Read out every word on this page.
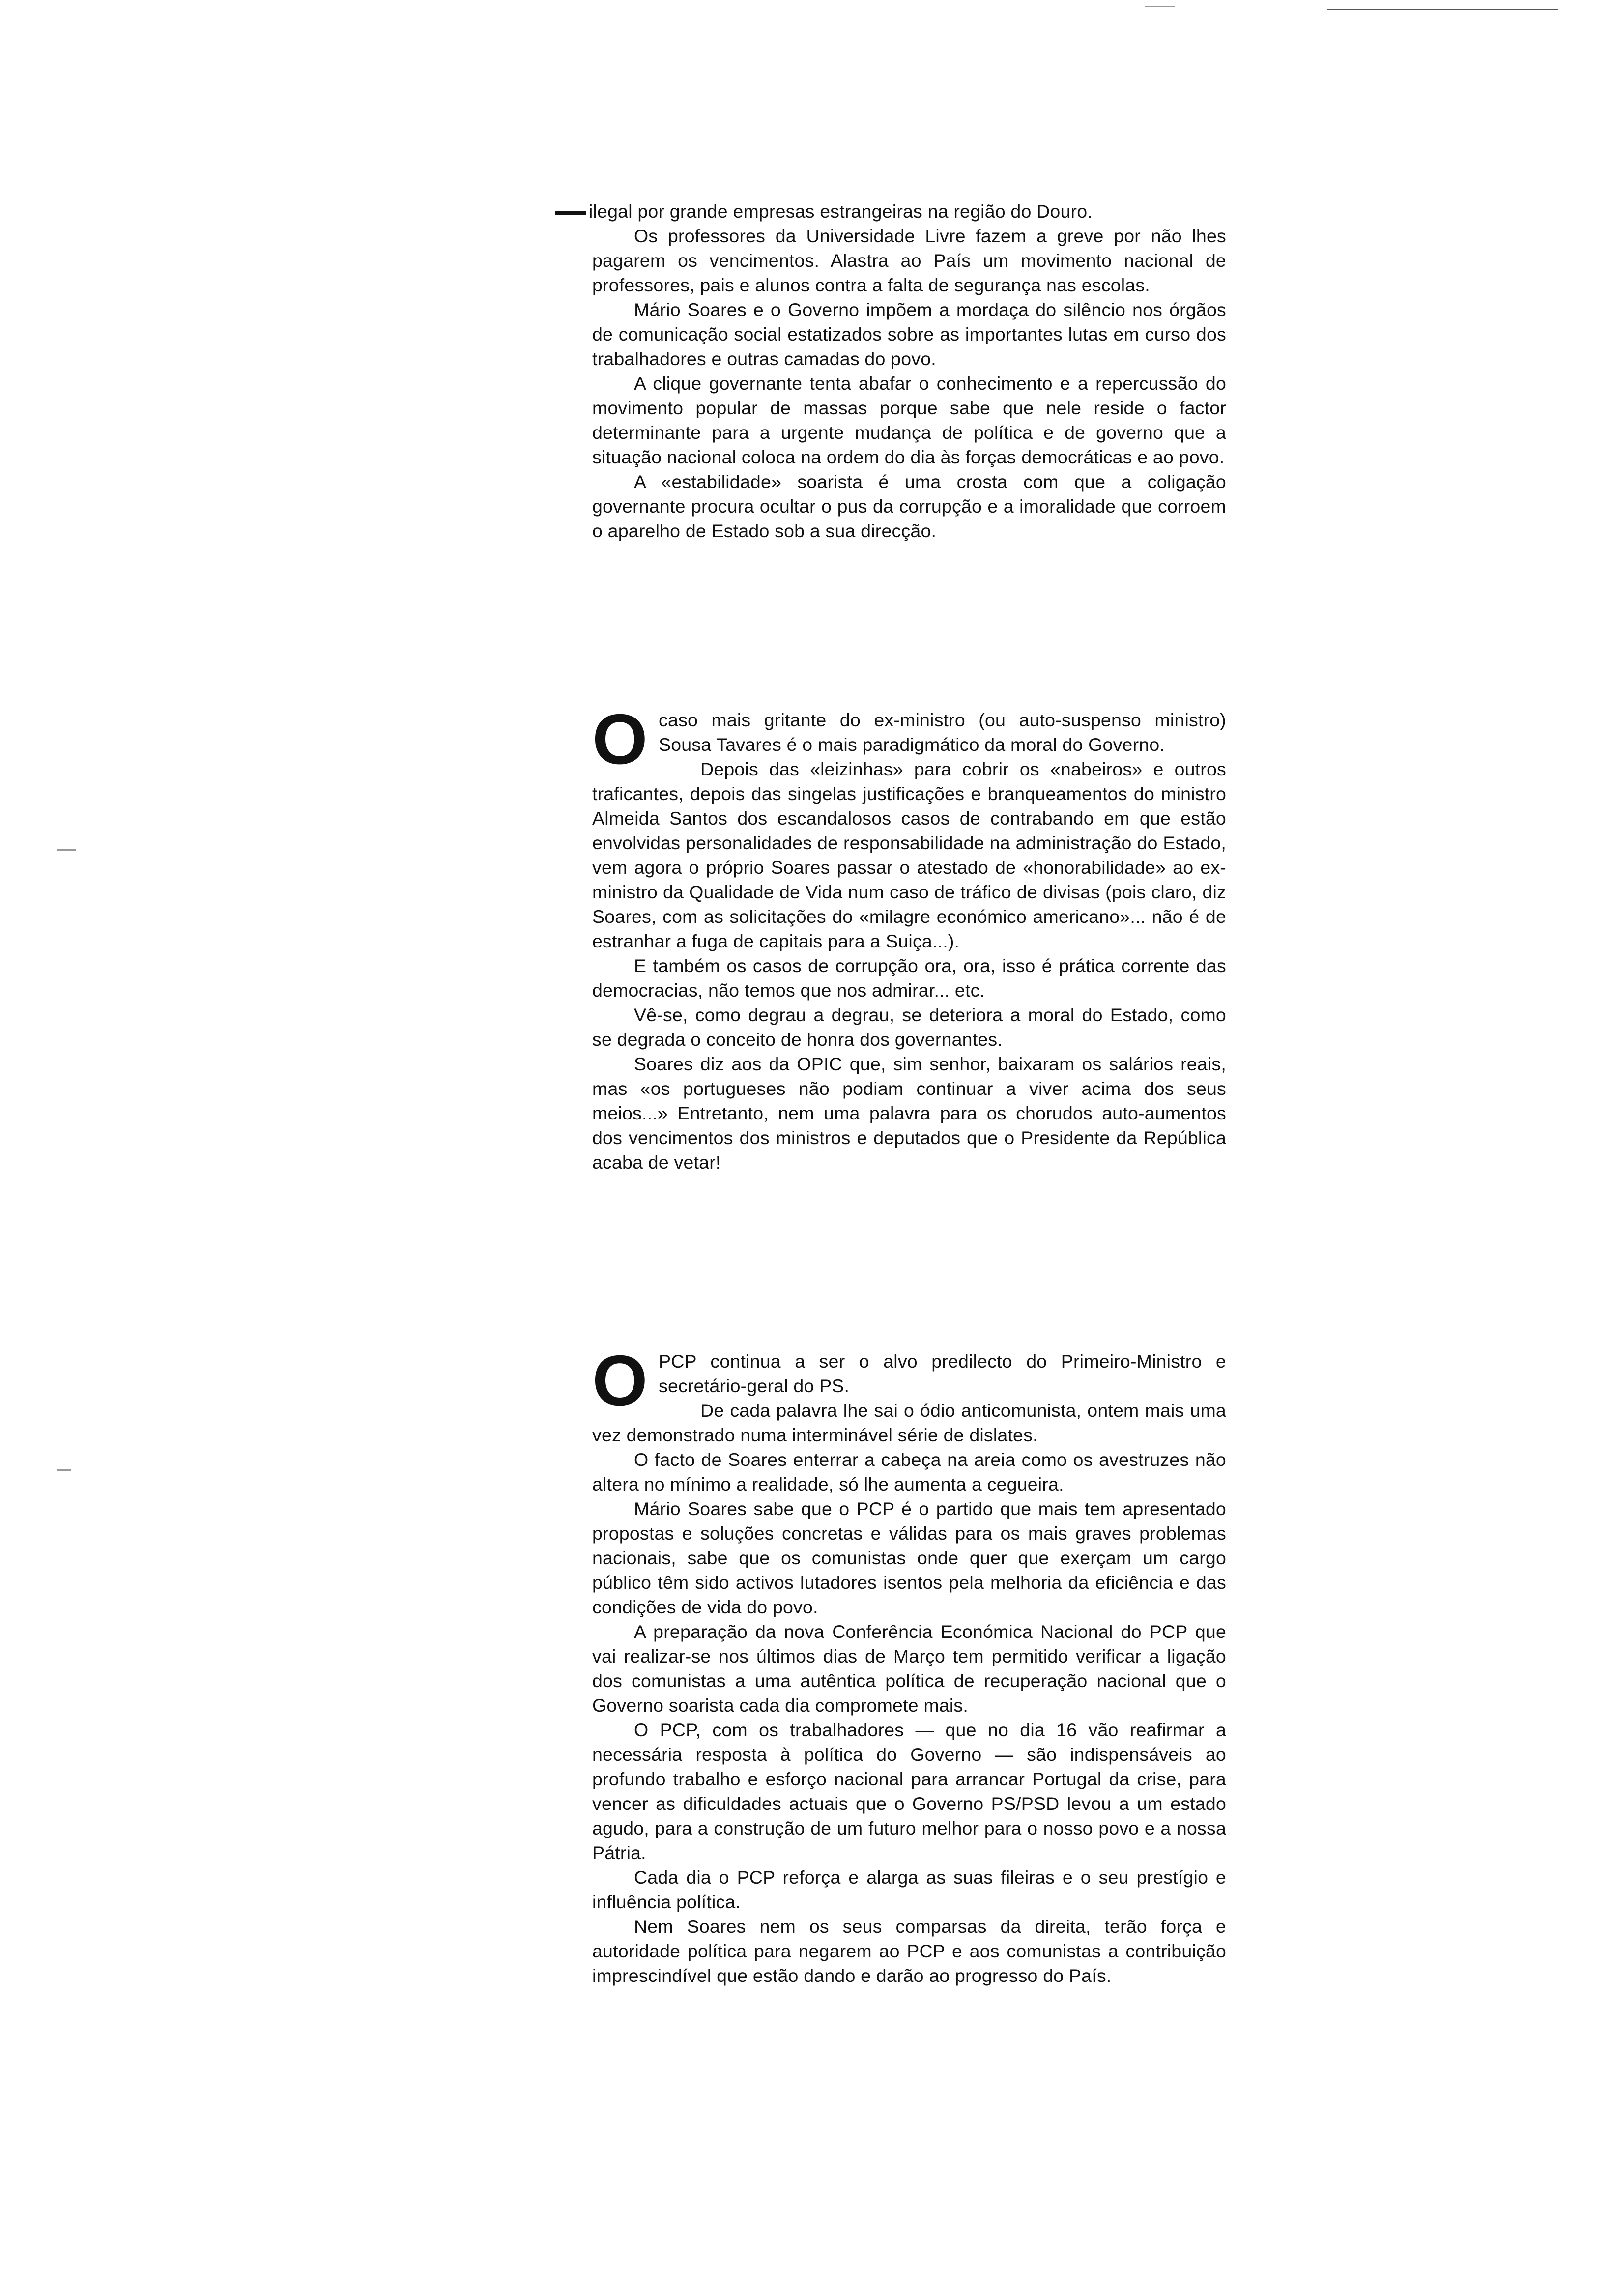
ilegal por grande empresas estrangeiras na região do Douro.

Os professores da Universidade Livre fazem a greve por não lhes pagarem os vencimentos. Alastra ao País um movimento nacional de professores, pais e alunos contra a falta de segurança nas escolas.

Mário Soares e o Governo impõem a mordaça do silêncio nos órgãos de comunicação social estatizados sobre as importantes lutas em curso dos trabalhadores e outras camadas do povo.

A clique governante tenta abafar o conhecimento e a repercussão do movimento popular de massas porque sabe que nele reside o factor determinante para a urgente mudança de política e de governo que a situação nacional coloca na ordem do dia às forças democráticas e ao povo.

A «estabilidade» soarista é uma crosta com que a coligação governante procura ocultar o pus da corrupção e a imoralidade que corroem o aparelho de Estado sob a sua direcção.

Ocaso mais gritante do ex-ministro (ou auto-suspenso ministro) Sousa Tavares é o mais paradigmático da moral do Governo.

Depois das «leizinhas» para cobrir os «nabeiros» e outros traficantes, depois das singelas justificações e branqueamentos do ministro Almeida Santos dos escandalosos casos de contrabando em que estão envolvidas personalidades de responsabilidade na administração do Estado, vem agora o próprio Soares passar o atestado de «honorabilidade» ao ex-ministro da Qualidade de Vida num caso de tráfico de divisas (pois claro, diz Soares, com as solicitações do «milagre económico americano»... não é de estranhar a fuga de capitais para a Suiça...).

E também os casos de corrupção ora, ora, isso é prática corrente das democracias, não temos que nos admirar... etc.

Vê-se, como degrau a degrau, se deteriora a moral do Estado, como se degrada o conceito de honra dos governantes.

Soares diz aos da OPIC que, sim senhor, baixaram os salários reais, mas «os portugueses não podiam continuar a viver acima dos seus meios...» Entretanto, nem uma palavra para os chorudos auto-aumentos dos vencimentos dos ministros e deputados que o Presidente da República acaba de vetar!

OPCP continua a ser o alvo predilecto do Primeiro-Ministro e secretário-geral do PS.

De cada palavra lhe sai o ódio anticomunista, ontem mais uma vez demonstrado numa interminável série de dislates.

O facto de Soares enterrar a cabeça na areia como os avestruzes não altera no mínimo a realidade, só lhe aumenta a cegueira.

Mário Soares sabe que o PCP é o partido que mais tem apresentado propostas e soluções concretas e válidas para os mais graves problemas nacionais, sabe que os comunistas onde quer que exerçam um cargo público têm sido activos lutadores isentos pela melhoria da eficiência e das condições de vida do povo.

A preparação da nova Conferência Económica Nacional do PCP que vai realizar-se nos últimos dias de Março tem permitido verificar a ligação dos comunistas a uma autêntica política de recuperação nacional que o Governo soarista cada dia compromete mais.

O PCP, com os trabalhadores — que no dia 16 vão reafirmar a necessária resposta à política do Governo — são indispensáveis ao profundo trabalho e esforço nacional para arrancar Portugal da crise, para vencer as dificuldades actuais que o Governo PS/PSD levou a um estado agudo, para a construção de um futuro melhor para o nosso povo e a nossa Pátria.

Cada dia o PCP reforça e alarga as suas fileiras e o seu prestígio e influência política.

Nem Soares nem os seus comparsas da direita, terão força e autoridade política para negarem ao PCP e aos comunistas a contribuição imprescindível que estão dando e darão ao progresso do País.
